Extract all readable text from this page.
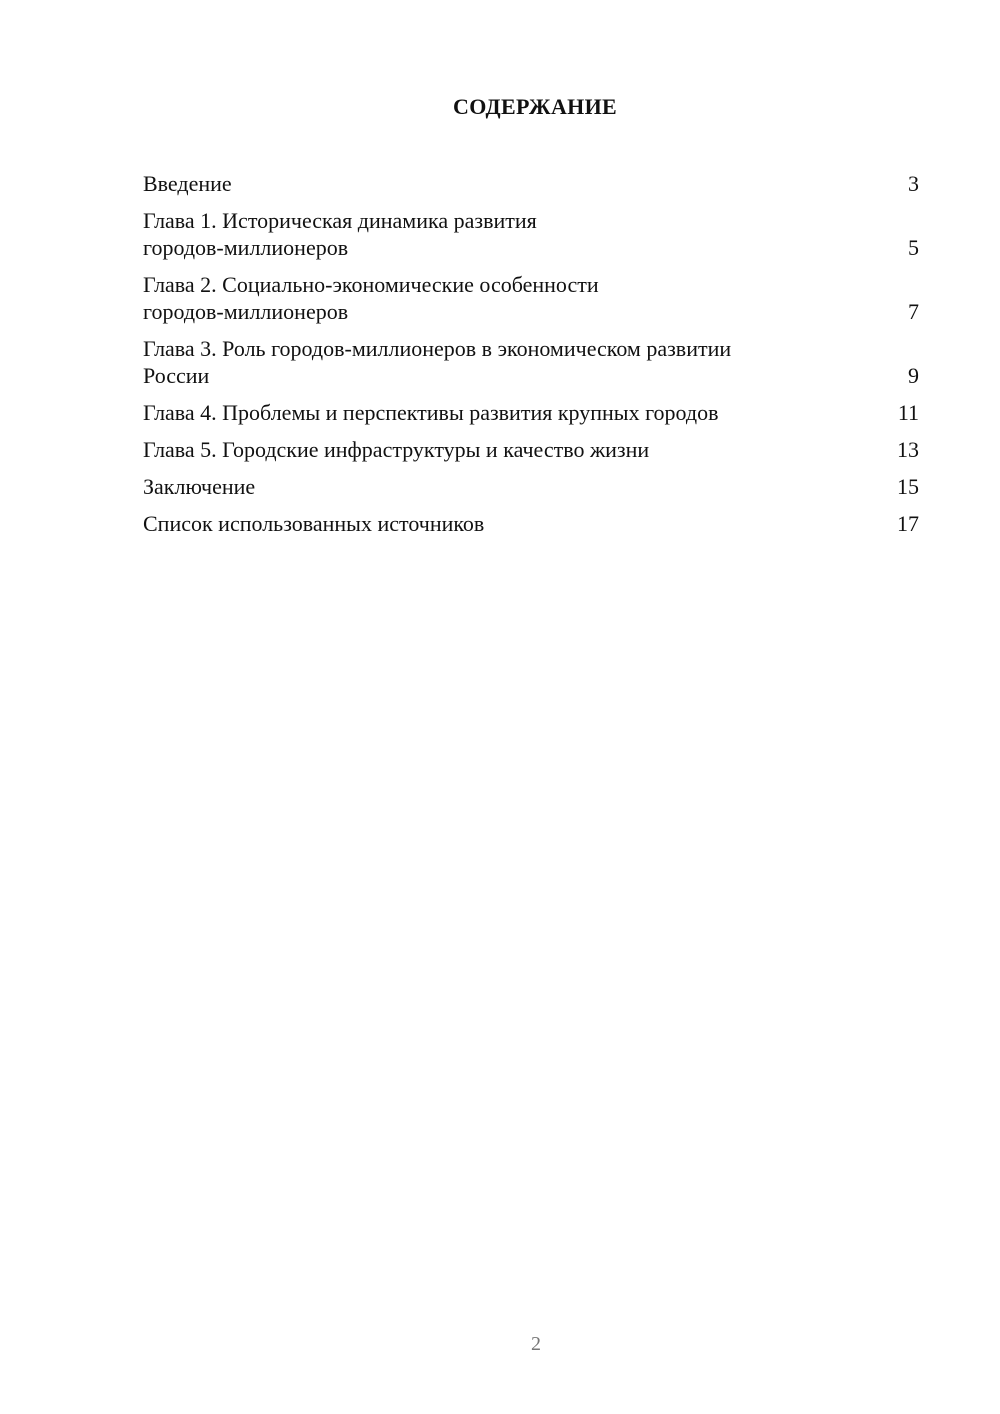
СОДЕРЖАНИЕ
Введение	3
Глава 1. Историческая динамика развития
городов-миллионеров	5
Глава 2. Социально-экономические особенности
городов-миллионеров	7
Глава 3. Роль городов-миллионеров в экономическом развитии
России	9
Глава 4. Проблемы и перспективы развития крупных городов	11
Глава 5. Городские инфраструктуры и качество жизни	13
Заключение	15
Список использованных источников	17
2
